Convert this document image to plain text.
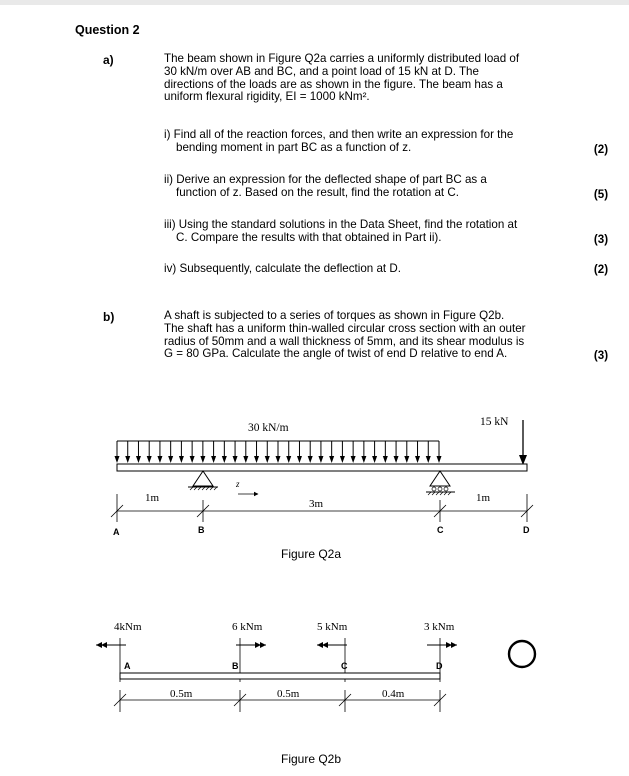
Question 2
a)	The beam shown in Figure Q2a carries a uniformly distributed load of
30 kN/m over AB and BC, and a point load of 15 kN at D. The
directions of the loads are as shown in the figure. The beam has a
uniform flexural rigidity, EI = 1000 kNm².
i) Find all of the reaction forces, and then write an expression for the
bending moment in part BC as a function of z.	(2)
ii) Derive an expression for the deflected shape of part BC as a
function of z. Based on the result, find the rotation at C.	(5)
iii) Using the standard solutions in the Data Sheet, find the rotation at
C. Compare the results with that obtained in Part ii).	(3)
iv) Subsequently, calculate the deflection at D.	(2)
b)	A shaft is subjected to a series of torques as shown in Figure Q2b.
The shaft has a uniform thin-walled circular cross section with an outer
radius of 50mm and a wall thickness of 5mm, and its shear modulus is
G = 80 GPa. Calculate the angle of twist of end D relative to end A.	(3)
30 kN/m	15 kN
z
1m	3m	1m
A	B	C	D
Figure Q2a
4kNm	6 kNm	5 kNm	3 kNm
A	B	C	D
0.5m	0.5m	0.4m
Figure Q2b
